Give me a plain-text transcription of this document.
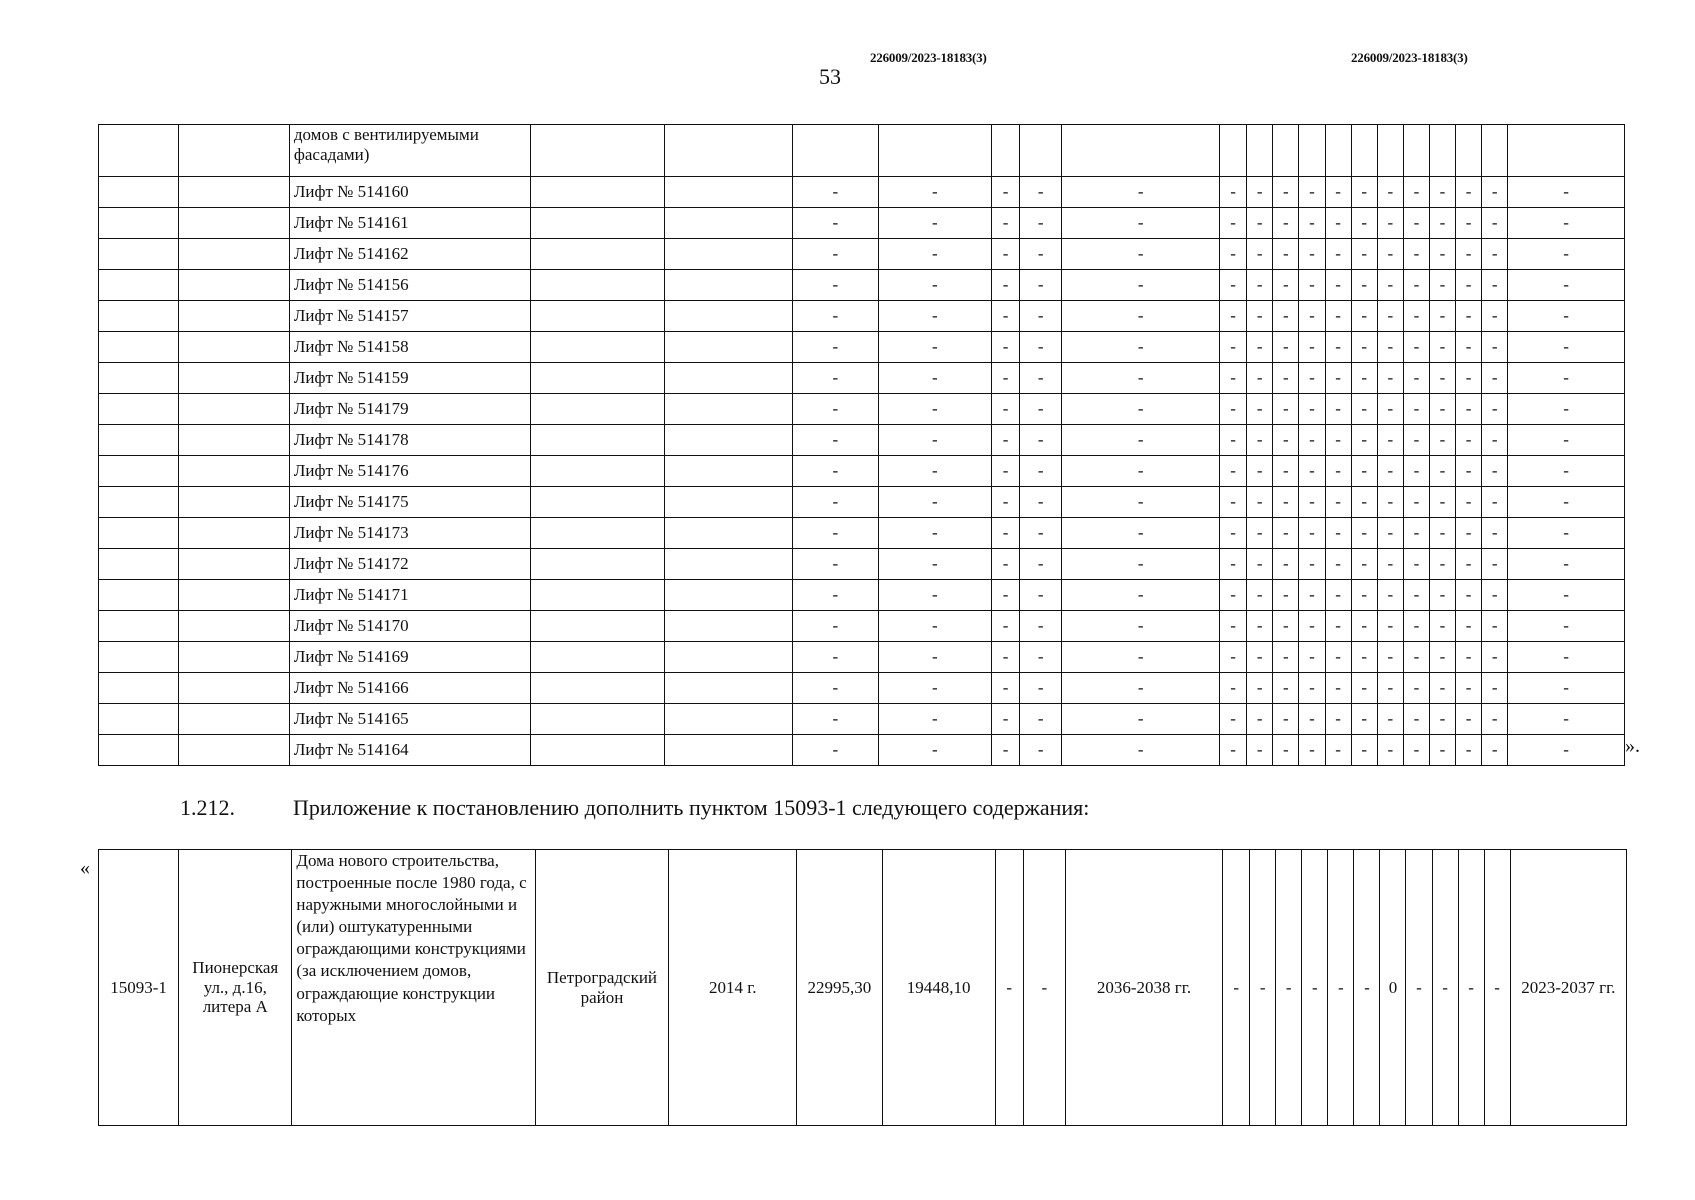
226009/2023-18183(3)	226009/2023-18183(3)
53
		домов с вентилируемыми фасадами)																			
		Лифт № 514160			-	-	-	-	-	-	-	-	-	-	-	-	-	-	-	-	-
		Лифт № 514161			-	-	-	-	-	-	-	-	-	-	-	-	-	-	-	-	-
		Лифт № 514162			-	-	-	-	-	-	-	-	-	-	-	-	-	-	-	-	-
		Лифт № 514156			-	-	-	-	-	-	-	-	-	-	-	-	-	-	-	-	-
		Лифт № 514157			-	-	-	-	-	-	-	-	-	-	-	-	-	-	-	-	-
		Лифт № 514158			-	-	-	-	-	-	-	-	-	-	-	-	-	-	-	-	-
		Лифт № 514159			-	-	-	-	-	-	-	-	-	-	-	-	-	-	-	-	-
		Лифт № 514179			-	-	-	-	-	-	-	-	-	-	-	-	-	-	-	-	-
		Лифт № 514178			-	-	-	-	-	-	-	-	-	-	-	-	-	-	-	-	-
		Лифт № 514176			-	-	-	-	-	-	-	-	-	-	-	-	-	-	-	-	-
		Лифт № 514175			-	-	-	-	-	-	-	-	-	-	-	-	-	-	-	-	-
		Лифт № 514173			-	-	-	-	-	-	-	-	-	-	-	-	-	-	-	-	-
		Лифт № 514172			-	-	-	-	-	-	-	-	-	-	-	-	-	-	-	-	-
		Лифт № 514171			-	-	-	-	-	-	-	-	-	-	-	-	-	-	-	-	-
		Лифт № 514170			-	-	-	-	-	-	-	-	-	-	-	-	-	-	-	-	-
		Лифт № 514169			-	-	-	-	-	-	-	-	-	-	-	-	-	-	-	-	-
		Лифт № 514166			-	-	-	-	-	-	-	-	-	-	-	-	-	-	-	-	-
		Лифт № 514165			-	-	-	-	-	-	-	-	-	-	-	-	-	-	-	-	-
		Лифт № 514164			-	-	-	-	-	-	-	-	-	-	-	-	-	-	-	-	-	».
1.212.	Приложение к постановлению дополнить пунктом 15093-1 следующего содержания:
«
15093-1	Пионерская ул., д.16, литера А	Дома нового строительства, построенные после 1980 года, с наружными многослойными и (или) оштукатуренными ограждающими конструкциями (за исключением домов, ограждающие конструкции которых	Петроградский район	2014 г.	22995,30	19448,10	-	-	2036-2038 гг.	-	-	-	-	-	-	0	-	-	-	-	2023-2037 гг.
